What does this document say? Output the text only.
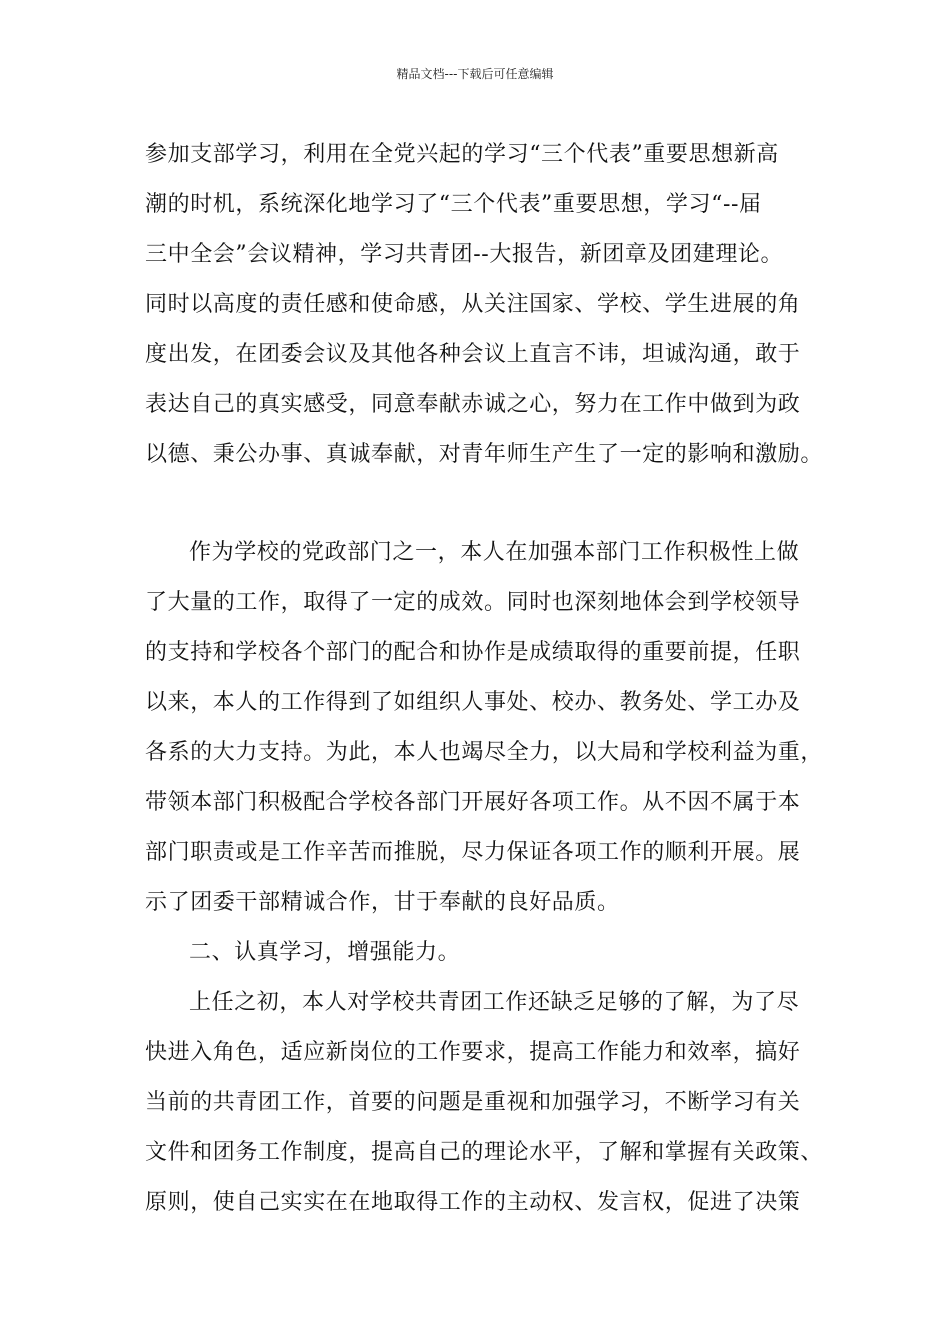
精品文档---下载后可任意编辑
参加支部学习，利用在全党兴起的学习“三个代表”重要思想新高
潮的时机，系统深化地学习了“三个代表”重要思想，学习“--届
三中全会”会议精神，学习共青团--大报告，新团章及团建理论。
同时以高度的责任感和使命感，从关注国家、学校、学生进展的角
度出发，在团委会议及其他各种会议上直言不讳，坦诚沟通，敢于
表达自己的真实感受，同意奉献赤诚之心，努力在工作中做到为政
以德、秉公办事、真诚奉献，对青年师生产生了一定的影响和激励。
作为学校的党政部门之一，本人在加强本部门工作积极性上做
了大量的工作，取得了一定的成效。同时也深刻地体会到学校领导
的支持和学校各个部门的配合和协作是成绩取得的重要前提，任职
以来，本人的工作得到了如组织人事处、校办、教务处、学工办及
各系的大力支持。为此，本人也竭尽全力，以大局和学校利益为重，
带领本部门积极配合学校各部门开展好各项工作。从不因不属于本
部门职责或是工作辛苦而推脱，尽力保证各项工作的顺利开展。展
示了团委干部精诚合作，甘于奉献的良好品质。
二、认真学习，增强能力。
上任之初，本人对学校共青团工作还缺乏足够的了解，为了尽
快进入角色，适应新岗位的工作要求，提高工作能力和效率，搞好
当前的共青团工作，首要的问题是重视和加强学习，不断学习有关
文件和团务工作制度，提高自己的理论水平，了解和掌握有关政策、
原则，使自己实实在在地取得工作的主动权、发言权，促进了决策
